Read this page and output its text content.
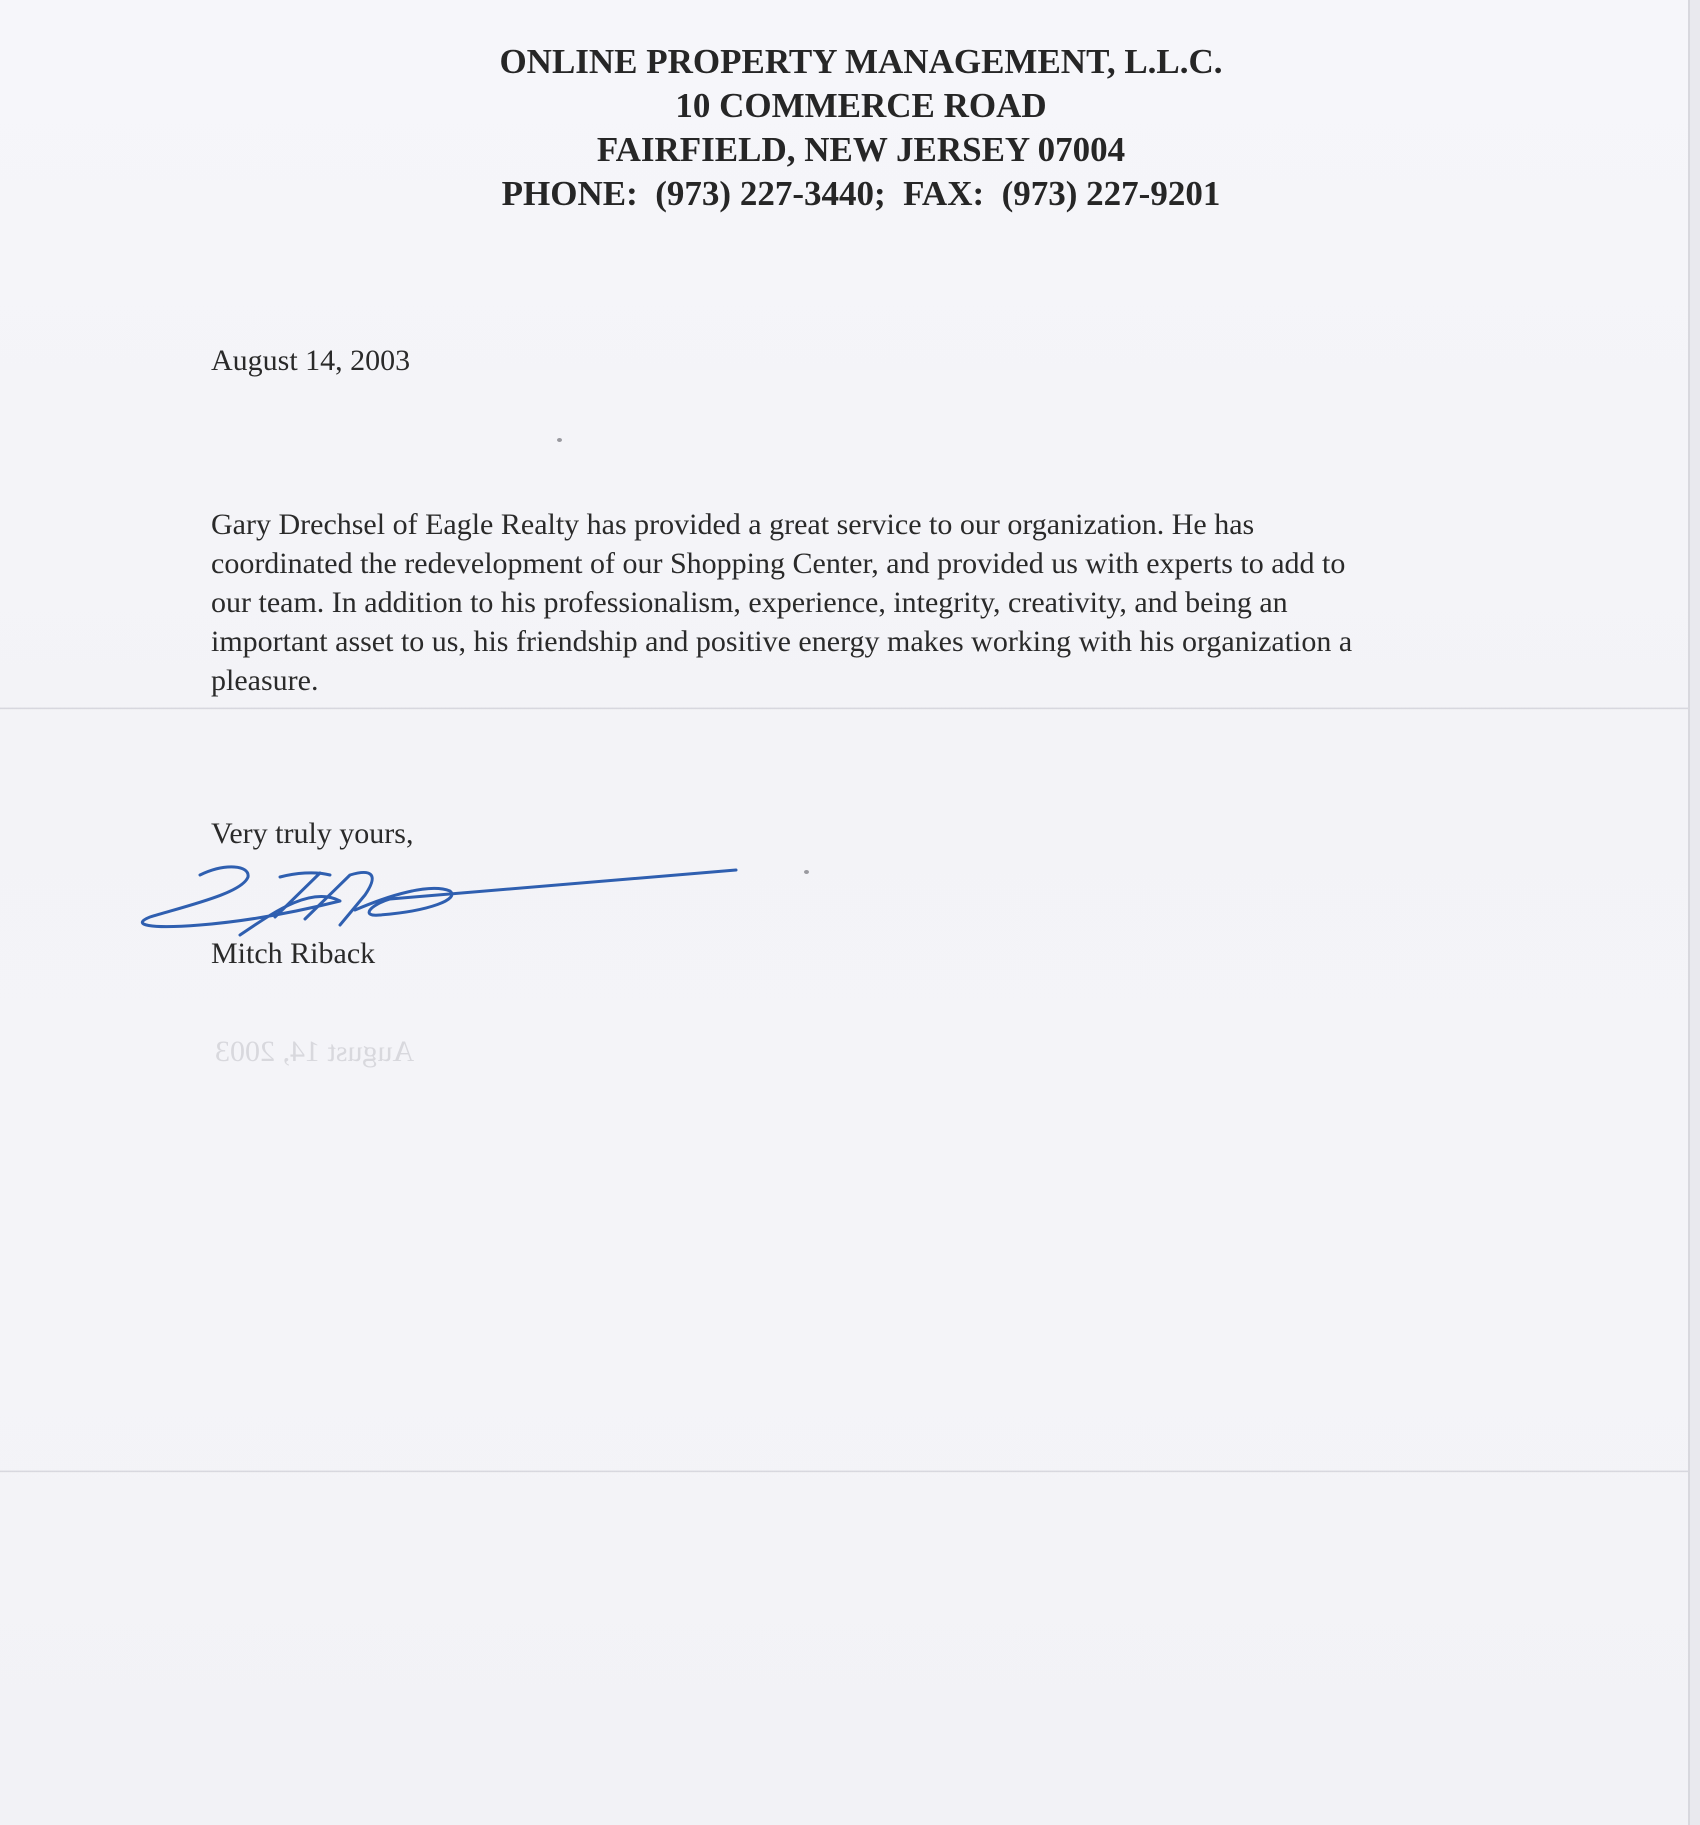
ONLINE PROPERTY MANAGEMENT, L.L.C.
10 COMMERCE ROAD
FAIRFIELD, NEW JERSEY 07004
PHONE:  (973) 227-3440;  FAX:  (973) 227-9201
August 14, 2003
Gary Drechsel of Eagle Realty has provided a great service to our organization. He has
coordinated the redevelopment of our Shopping Center, and provided us with experts to add to
our team. In addition to his professionalism, experience, integrity, creativity, and being an
important asset to us, his friendship and positive energy makes working with his organization a
pleasure.
Very truly yours,
Mitch Riback
August 14, 2003
